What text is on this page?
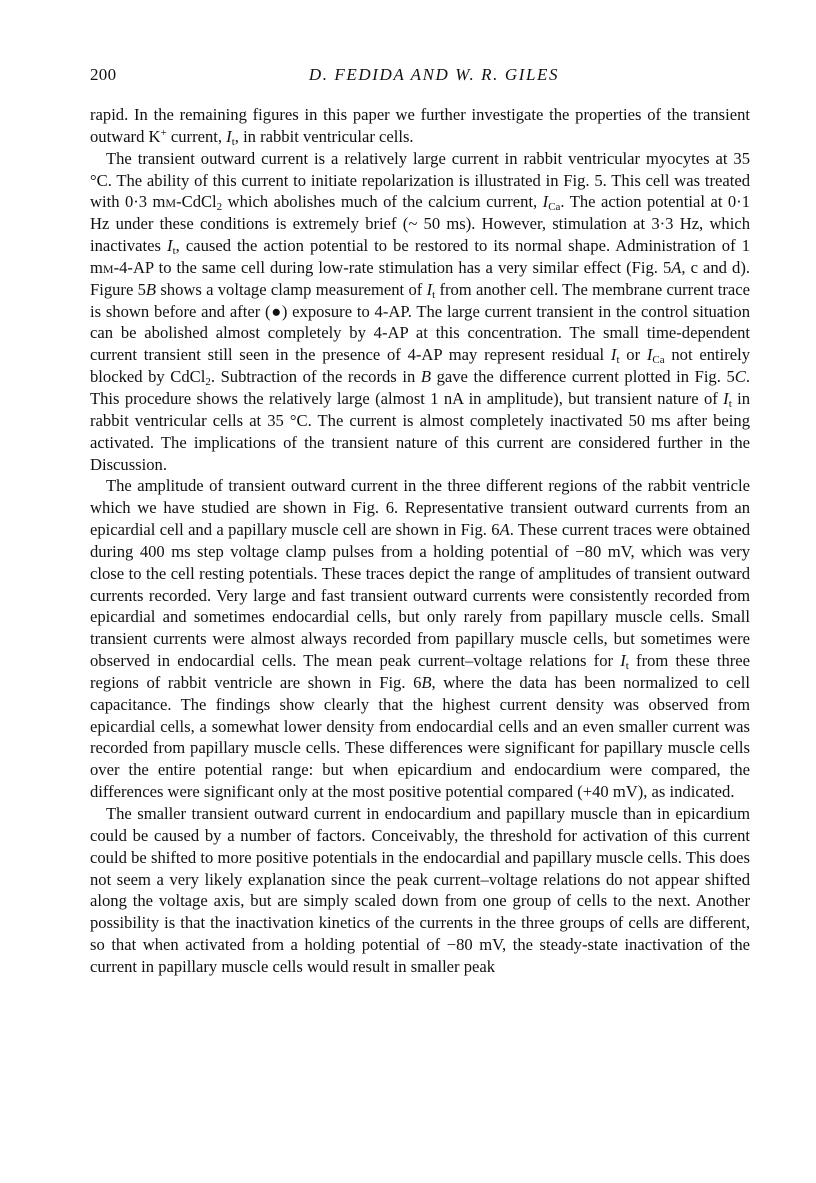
200	D. FEDIDA AND W. R. GILES

rapid. In the remaining figures in this paper we further investigate the properties of the transient outward K+ current, $I_t$, in rabbit ventricular cells.

The transient outward current is a relatively large current in rabbit ventricular myocytes at 35 °C. The ability of this current to initiate repolarization is illustrated in Fig. 5. This cell was treated with 0·3 mm-CdCl$_2$ which abolishes much of the calcium current, $I_{Ca}$. The action potential at 0·1 Hz under these conditions is extremely brief (~ 50 ms). However, stimulation at 3·3 Hz, which inactivates $I_t$, caused the action potential to be restored to its normal shape. Administration of 1 mm-4-AP to the same cell during low-rate stimulation has a very similar effect (Fig. 5A, c and d). Figure 5B shows a voltage clamp measurement of $I_t$ from another cell. The membrane current trace is shown before and after (●) exposure to 4-AP. The large current transient in the control situation can be abolished almost completely by 4-AP at this concentration. The small time-dependent current transient still seen in the presence of 4-AP may represent residual $I_t$ or $I_{Ca}$ not entirely blocked by CdCl$_2$. Subtraction of the records in B gave the difference current plotted in Fig. 5C. This procedure shows the relatively large (almost 1 nA in amplitude), but transient nature of $I_t$ in rabbit ventricular cells at 35 °C. The current is almost completely inactivated 50 ms after being activated. The implications of the transient nature of this current are considered further in the Discussion.

The amplitude of transient outward current in the three different regions of the rabbit ventricle which we have studied are shown in Fig. 6. Representative transient outward currents from an epicardial cell and a papillary muscle cell are shown in Fig. 6A. These current traces were obtained during 400 ms step voltage clamp pulses from a holding potential of −80 mV, which was very close to the cell resting potentials. These traces depict the range of amplitudes of transient outward currents recorded. Very large and fast transient outward currents were consistently recorded from epicardial and sometimes endocardial cells, but only rarely from papillary muscle cells. Small transient currents were almost always recorded from papillary muscle cells, but sometimes were observed in endocardial cells. The mean peak current–voltage relations for $I_t$ from these three regions of rabbit ventricle are shown in Fig. 6B, where the data has been normalized to cell capacitance. The findings show clearly that the highest current density was observed from epicardial cells, a somewhat lower density from endocardial cells and an even smaller current was recorded from papillary muscle cells. These differences were significant for papillary muscle cells over the entire potential range: but when epicardium and endocardium were compared, the differences were significant only at the most positive potential compared (+40 mV), as indicated.

The smaller transient outward current in endocardium and papillary muscle than in epicardium could be caused by a number of factors. Conceivably, the threshold for activation of this current could be shifted to more positive potentials in the endocardial and papillary muscle cells. This does not seem a very likely explanation since the peak current–voltage relations do not appear shifted along the voltage axis, but are simply scaled down from one group of cells to the next. Another possibility is that the inactivation kinetics of the currents in the three groups of cells are different, so that when activated from a holding potential of −80 mV, the steady-state inactivation of the current in papillary muscle cells would result in smaller peak
